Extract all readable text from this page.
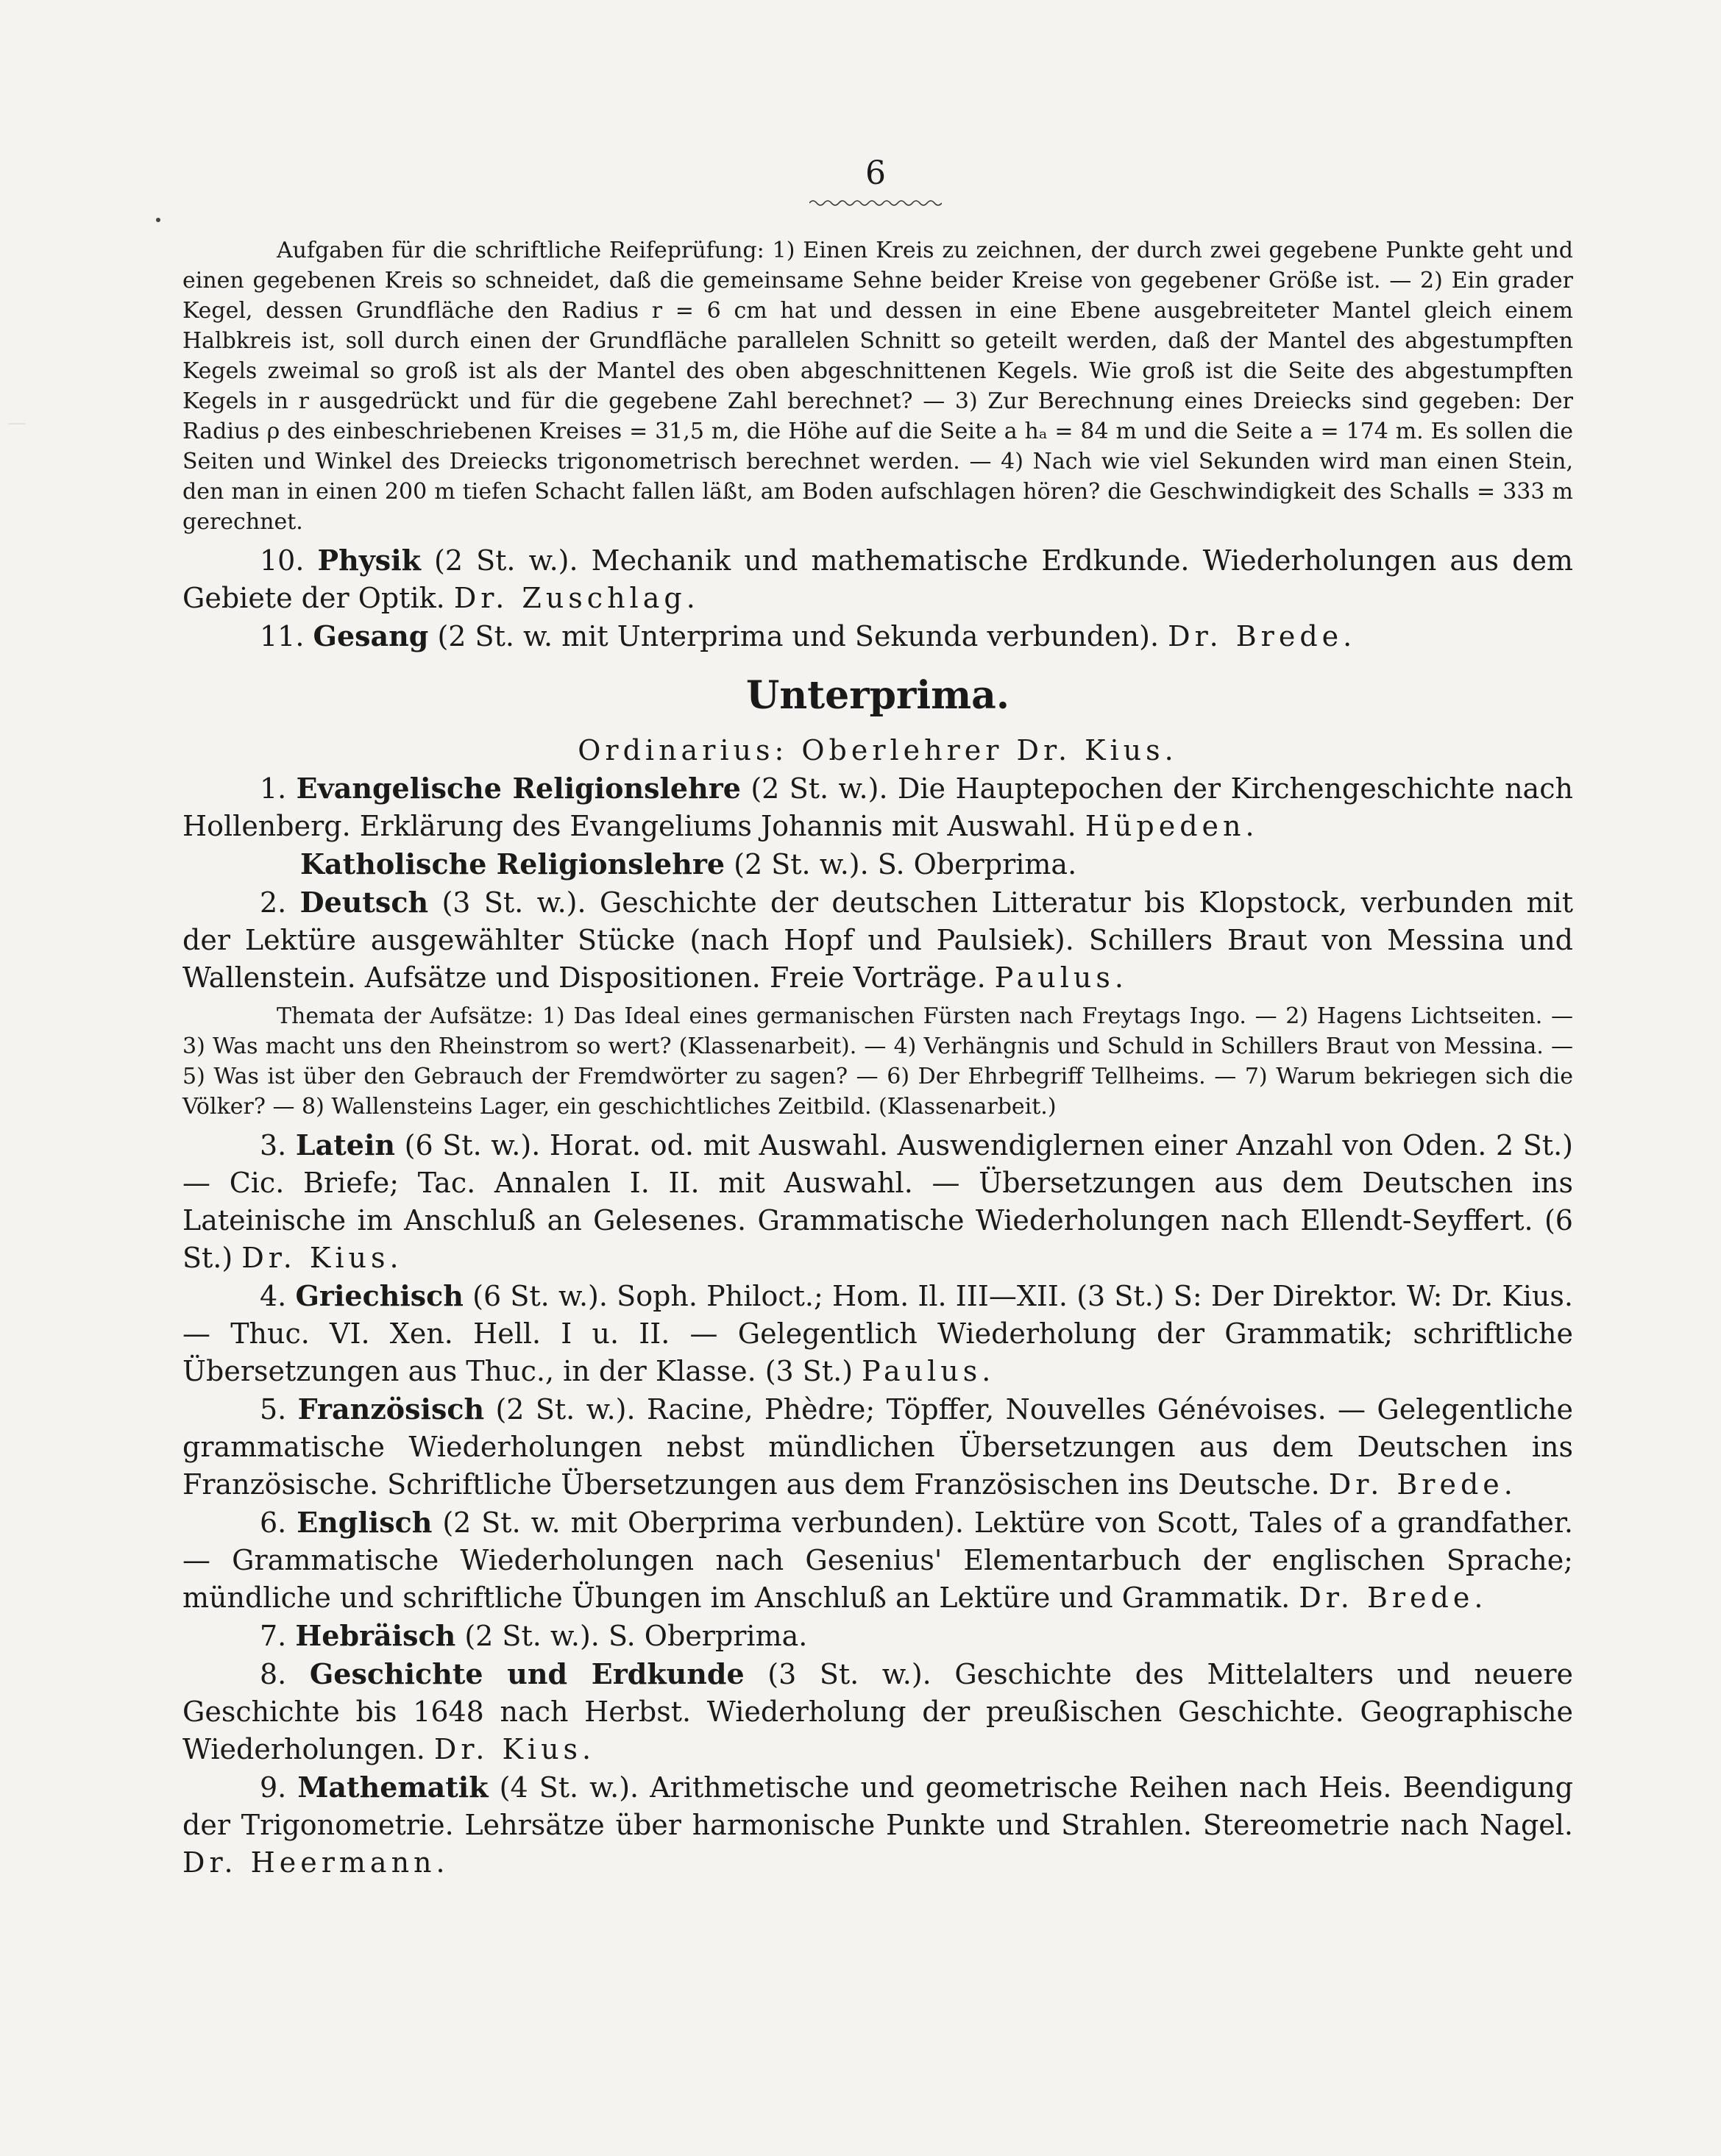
6
—

Aufgaben für die schriftliche Reifeprüfung: 1) Einen Kreis zu zeichnen, der durch zwei gegebene Punkte geht und einen gegebenen Kreis so schneidet, daß die gemeinsame Sehne beider Kreise von gegebener Größe ist. — 2) Ein grader Kegel, dessen Grundfläche den Radius r = 6 cm hat und dessen in eine Ebene ausgebreiteter Mantel gleich einem Halbkreis ist, soll durch einen der Grundfläche parallelen Schnitt so geteilt werden, daß der Mantel des abgestumpften Kegels zweimal so groß ist als der Mantel des oben abgeschnittenen Kegels. Wie groß ist die Seite des abgestumpften Kegels in r ausgedrückt und für die gegebene Zahl berechnet? — 3) Zur Berechnung eines Dreiecks sind gegeben: Der Radius ρ des einbeschriebenen Kreises = 31,5 m, die Höhe auf die Seite a hₐ = 84 m und die Seite a = 174 m. Es sollen die Seiten und Winkel des Dreiecks trigonometrisch berechnet werden. — 4) Nach wie viel Sekunden wird man einen Stein, den man in einen 200 m tiefen Schacht fallen läßt, am Boden aufschlagen hören? die Geschwindigkeit des Schalls = 333 m gerechnet.

10. Physik (2 St. w.). Mechanik und mathematische Erdkunde. Wiederholungen aus dem Gebiete der Optik. Dr. Zuschlag.

11. Gesang (2 St. w. mit Unterprima und Sekunda verbunden). Dr. Brede.

Unterprima.

Ordinarius: Oberlehrer Dr. Kius.

1. Evangelische Religionslehre (2 St. w.). Die Hauptepochen der Kirchengeschichte nach Hollenberg. Erklärung des Evangeliums Johannis mit Auswahl. Hüpeden.

Katholische Religionslehre (2 St. w.). S. Oberprima.

2. Deutsch (3 St. w.). Geschichte der deutschen Litteratur bis Klopstock, verbunden mit der Lektüre ausgewählter Stücke (nach Hopf und Paulsiek). Schillers Braut von Messina und Wallenstein. Aufsätze und Dispositionen. Freie Vorträge. Paulus.

Themata der Aufsätze: 1) Das Ideal eines germanischen Fürsten nach Freytags Ingo. — 2) Hagens Lichtseiten. — 3) Was macht uns den Rheinstrom so wert? (Klassenarbeit). — 4) Verhängnis und Schuld in Schillers Braut von Messina. — 5) Was ist über den Gebrauch der Fremdwörter zu sagen? — 6) Der Ehrbegriff Tellheims. — 7) Warum bekriegen sich die Völker? — 8) Wallensteins Lager, ein geschichtliches Zeitbild. (Klassenarbeit.)

3. Latein (6 St. w.). Horat. od. mit Auswahl. Auswendiglernen einer Anzahl von Oden. 2 St.) — Cic. Briefe; Tac. Annalen I. II. mit Auswahl. — Übersetzungen aus dem Deutschen ins Lateinische im Anschluß an Gelesenes. Grammatische Wiederholungen nach Ellendt-Seyffert. (6 St.) Dr. Kius.

4. Griechisch (6 St. w.). Soph. Philoct.; Hom. Il. III—XII. (3 St.) S: Der Direktor. W: Dr. Kius. — Thuc. VI. Xen. Hell. I u. II. — Gelegentlich Wiederholung der Grammatik; schriftliche Übersetzungen aus Thuc., in der Klasse. (3 St.) Paulus.

5. Französisch (2 St. w.). Racine, Phèdre; Töpffer, Nouvelles Génévoises. — Gelegentliche grammatische Wiederholungen nebst mündlichen Übersetzungen aus dem Deutschen ins Französische. Schriftliche Übersetzungen aus dem Französischen ins Deutsche. Dr. Brede.

6. Englisch (2 St. w. mit Oberprima verbunden). Lektüre von Scott, Tales of a grandfather. — Grammatische Wiederholungen nach Gesenius' Elementarbuch der englischen Sprache; mündliche und schriftliche Übungen im Anschluß an Lektüre und Grammatik. Dr. Brede.

7. Hebräisch (2 St. w.). S. Oberprima.

8. Geschichte und Erdkunde (3 St. w.). Geschichte des Mittelalters und neuere Geschichte bis 1648 nach Herbst. Wiederholung der preußischen Geschichte. Geographische Wiederholungen. Dr. Kius.

9. Mathematik (4 St. w.). Arithmetische und geometrische Reihen nach Heis. Beendigung der Trigonometrie. Lehrsätze über harmonische Punkte und Strahlen. Stereometrie nach Nagel. Dr. Heermann.
